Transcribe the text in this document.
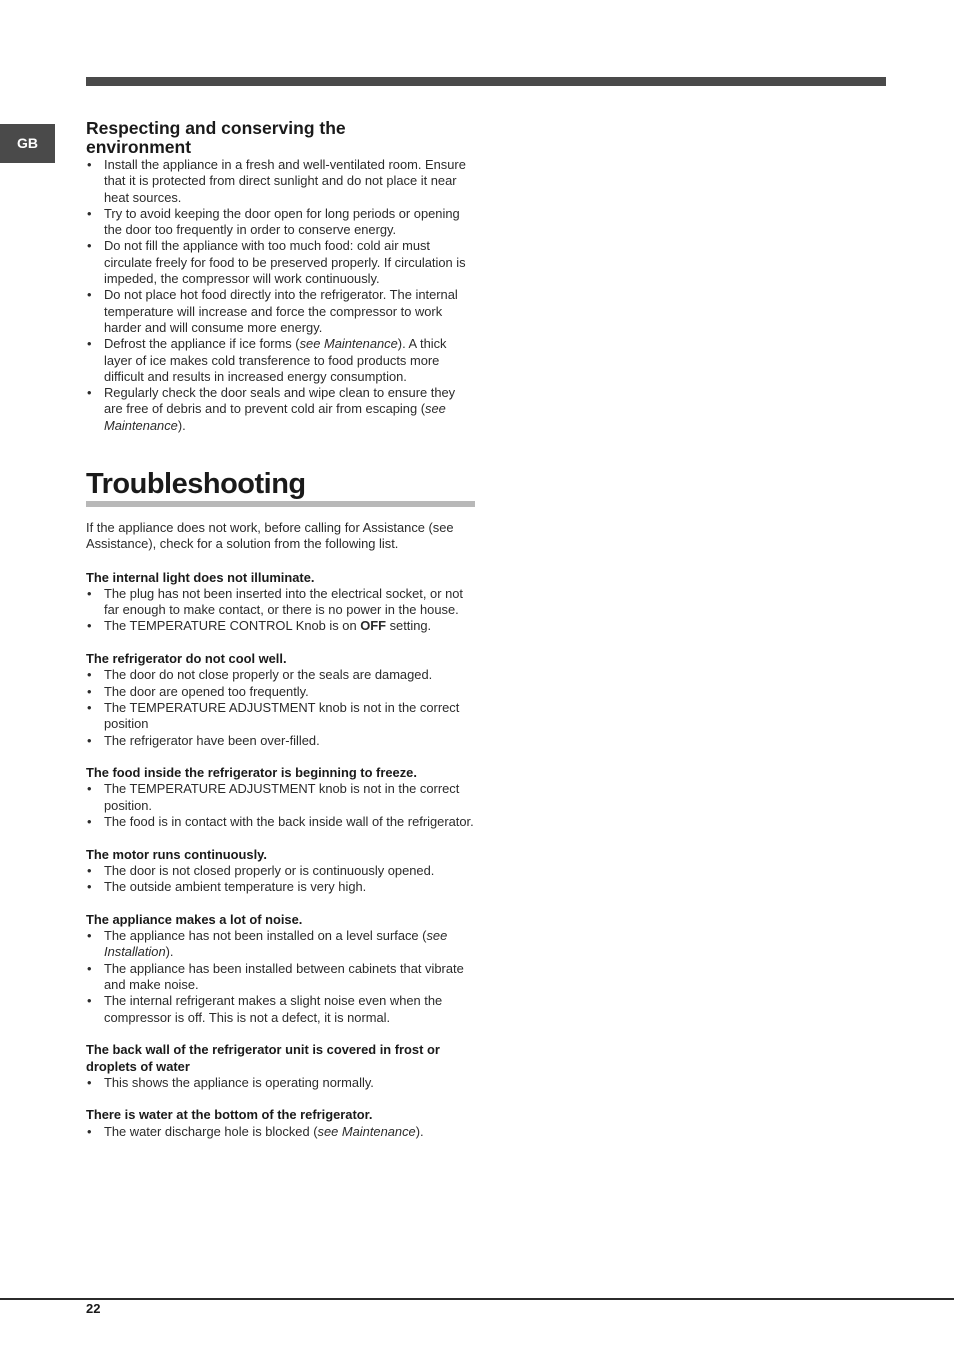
GB
Respecting and conserving the environment
• Install the appliance in a fresh and well-ventilated room. Ensure that it is protected from direct sunlight and do not place it near heat sources.
• Try to avoid keeping the door open for long periods or opening the door too frequently in order to conserve energy.
• Do not fill the appliance with too much food: cold air must circulate freely for food to be preserved properly. If circulation is impeded, the compressor will work continuously.
• Do not place hot food directly into the refrigerator. The internal temperature will increase and force the compressor to work harder and will consume more energy.
• Defrost the appliance if ice forms (see Maintenance). A thick layer of ice makes cold transference to food products more difficult and results in increased energy consumption.
• Regularly check the door seals and wipe clean to ensure they are free of debris and to prevent cold air from escaping (see Maintenance).
Troubleshooting

If the appliance does not work, before calling for Assistance (see Assistance), check for a solution from the following list.

The internal light does not illuminate.
• The plug has not been inserted into the electrical socket, or not far enough to make contact, or there is no power in the house.
• The TEMPERATURE CONTROL Knob is on OFF setting.
The refrigerator do not cool well.
• The door do not close properly or the seals are damaged.
• The door are opened too frequently.
• The TEMPERATURE ADJUSTMENT knob is not in the correct position
• The refrigerator have been over-filled.
The food inside the refrigerator is beginning to freeze.
• The TEMPERATURE ADJUSTMENT knob is not in the correct position.
• The food is in contact with the back inside wall of the refrigerator.
The motor runs continuously.
• The door is not closed properly or is continuously opened.
• The outside ambient temperature is very high.
The appliance makes a lot of noise.
• The appliance has not been installed on a level surface (see Installation).
• The appliance has been installed between cabinets that vibrate and make noise.
• The internal refrigerant makes a slight noise even when the compressor is off. This is not a defect, it is normal.
The back wall of the refrigerator unit is covered in frost or droplets of water
• This shows the appliance is operating normally.
There is water at the bottom of the refrigerator.
• The water discharge hole is blocked (see Maintenance).
22
